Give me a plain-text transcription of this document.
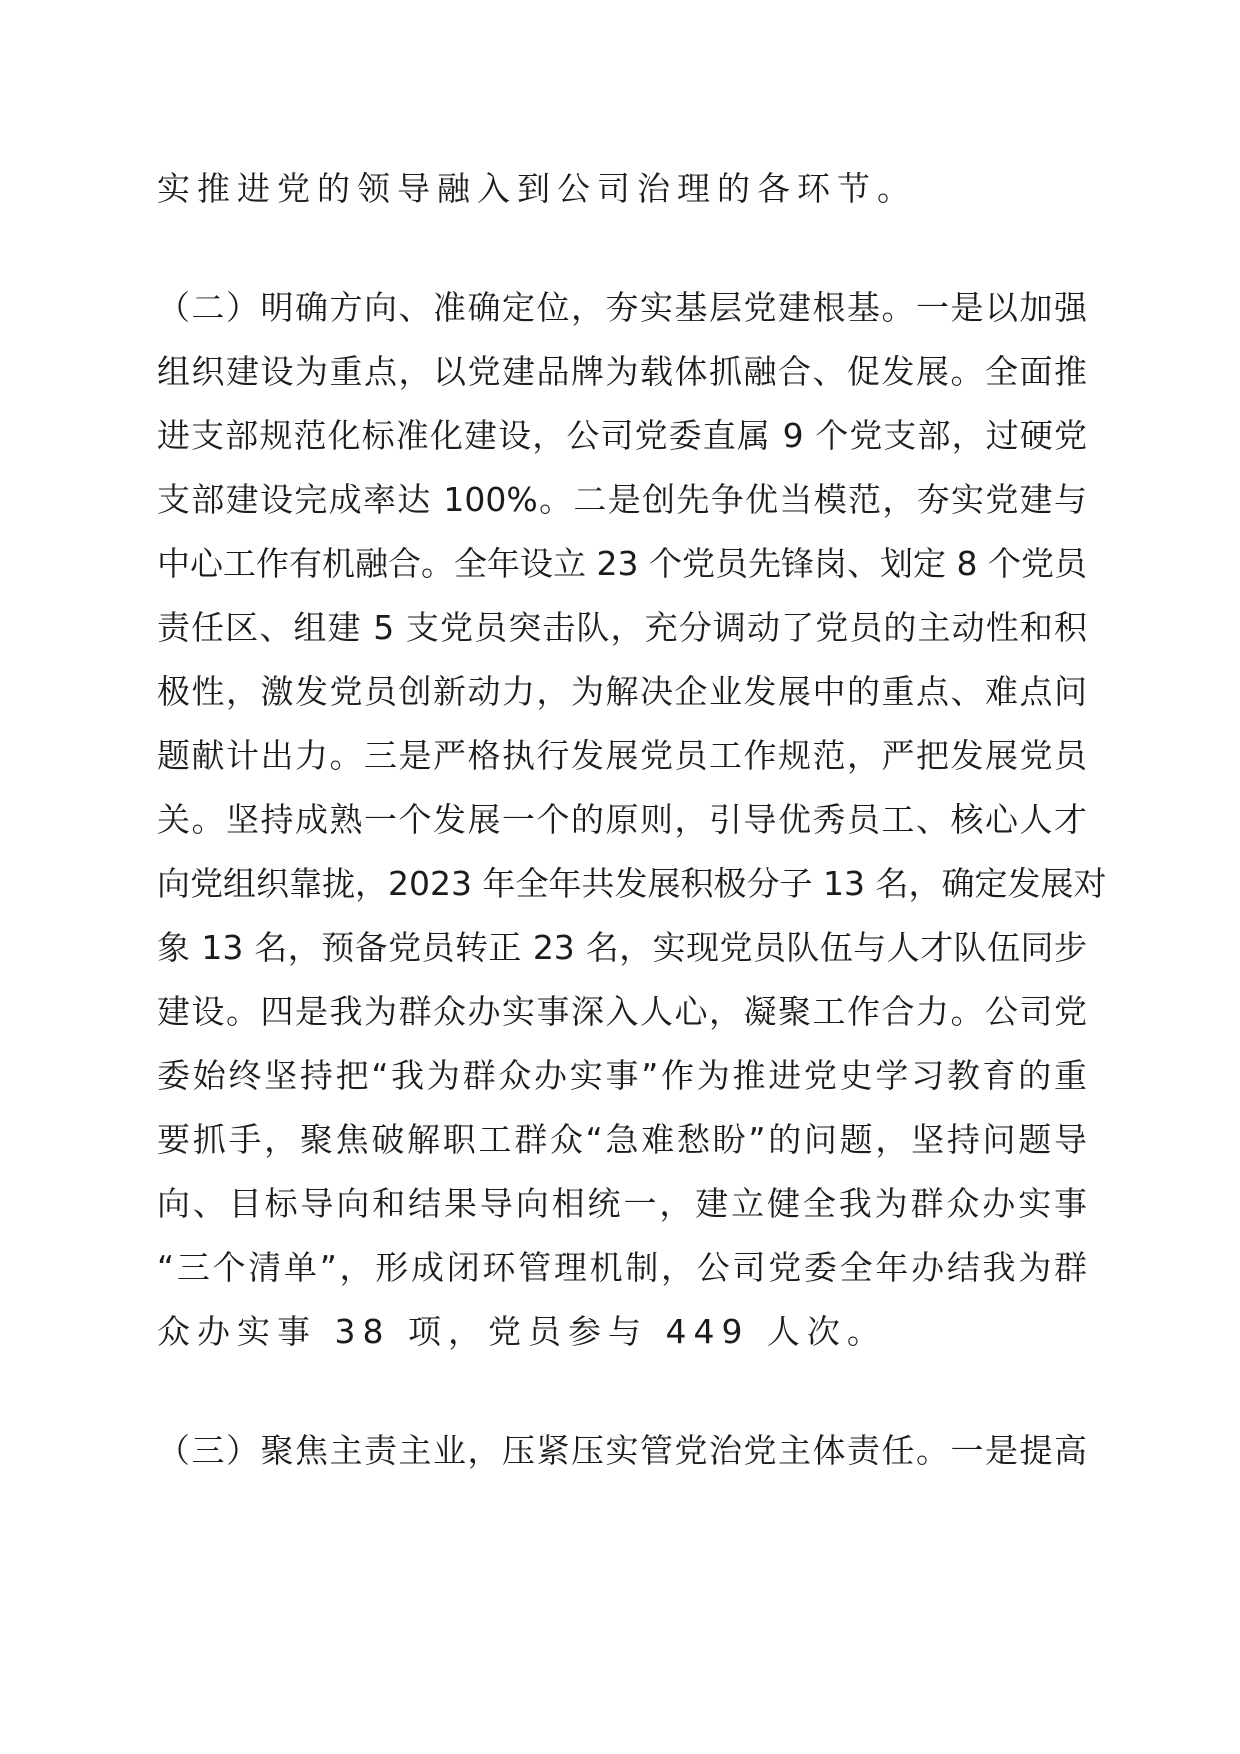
实推进党的领导融入到公司治理的各环节。
（二）明确方向、准确定位，夯实基层党建根基。一是以加强
组织建设为重点，以党建品牌为载体抓融合、促发展。全面推
进支部规范化标准化建设，公司党委直属 9 个党支部，过硬党
支部建设完成率达 100%。二是创先争优当模范，夯实党建与
中心工作有机融合。全年设立 23 个党员先锋岗、划定 8 个党员
责任区、组建 5 支党员突击队，充分调动了党员的主动性和积
极性，激发党员创新动力，为解决企业发展中的重点、难点问
题献计出力。三是严格执行发展党员工作规范，严把发展党员
关。坚持成熟一个发展一个的原则，引导优秀员工、核心人才
向党组织靠拢，2023 年全年共发展积极分子 13 名，确定发展对
象 13 名，预备党员转正 23 名，实现党员队伍与人才队伍同步
建设。四是我为群众办实事深入人心，凝聚工作合力。公司党
委始终坚持把“我为群众办实事”作为推进党史学习教育的重
要抓手，聚焦破解职工群众“急难愁盼”的问题，坚持问题导
向、目标导向和结果导向相统一，建立健全我为群众办实事
“三个清单”，形成闭环管理机制，公司党委全年办结我为群
众办实事 38 项，党员参与 449 人次。
（三）聚焦主责主业，压紧压实管党治党主体责任。一是提高
